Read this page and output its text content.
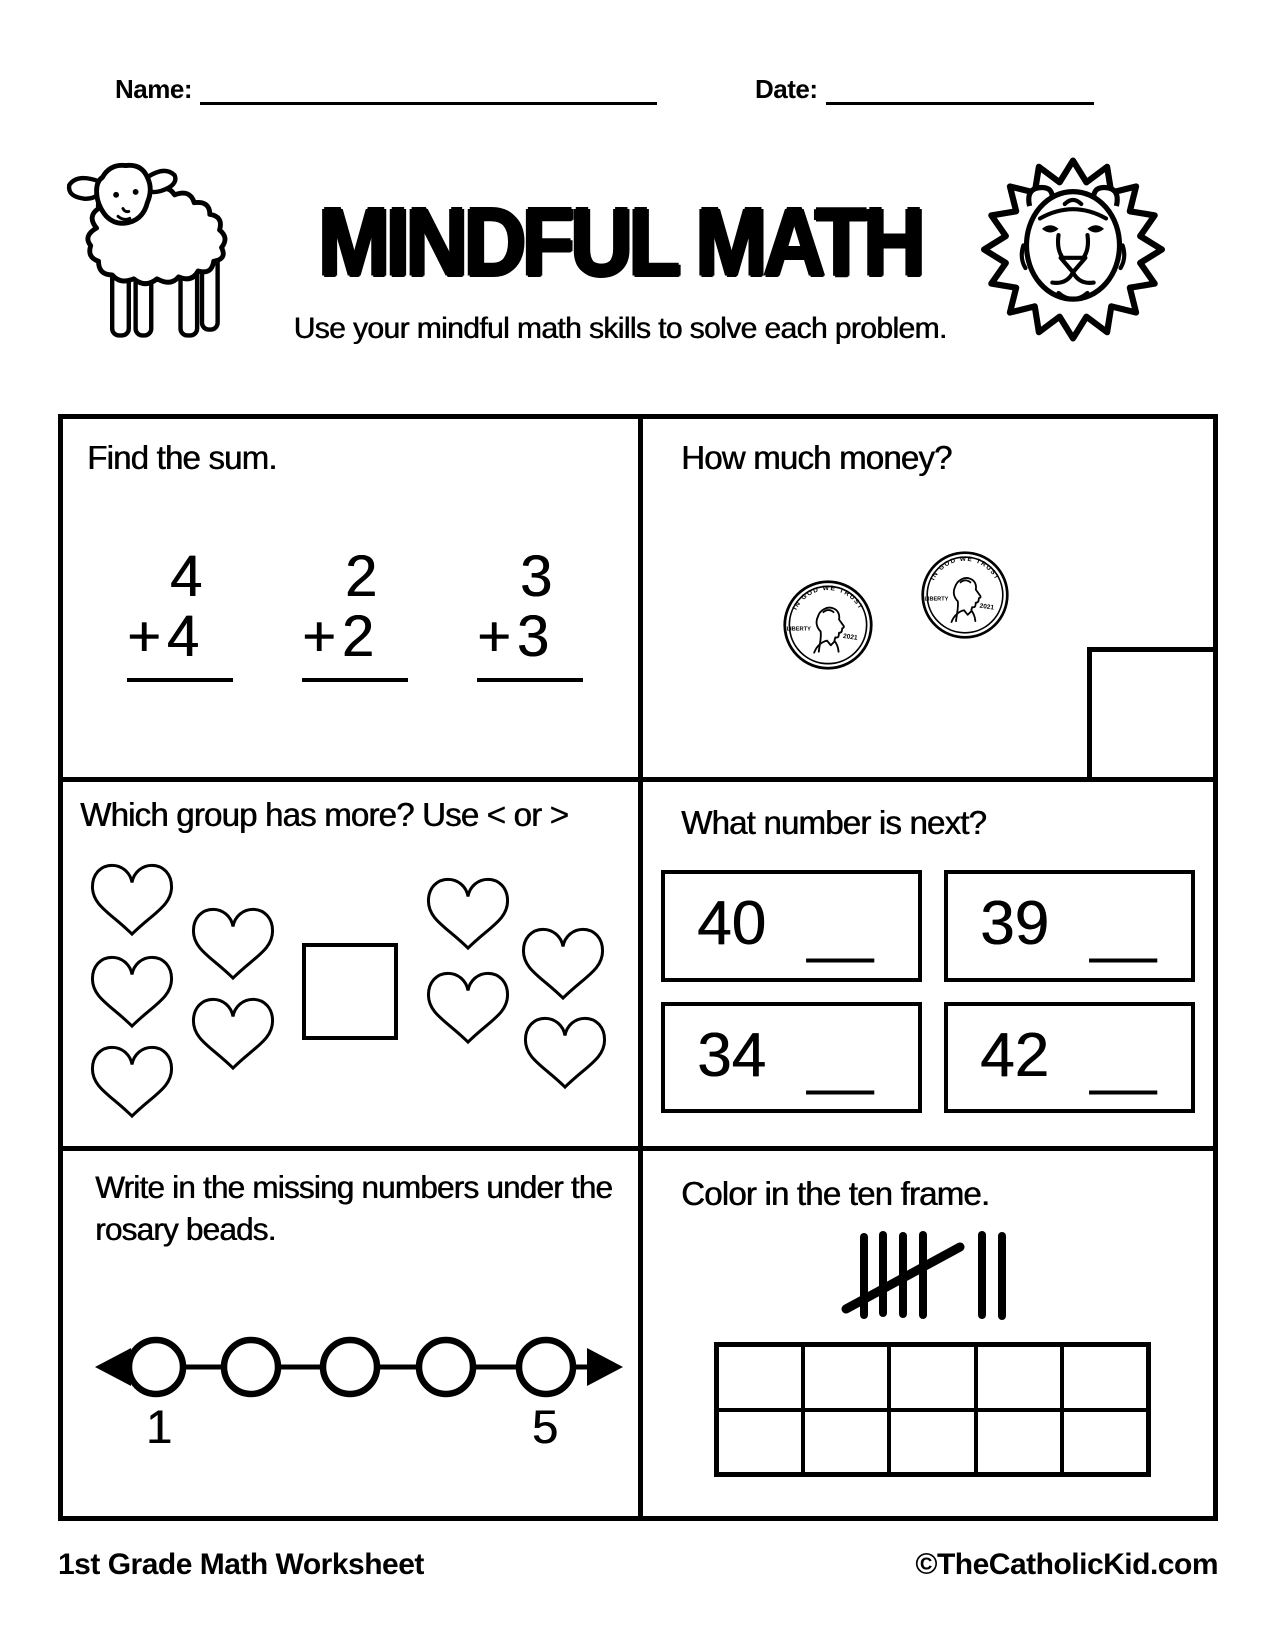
Name:	Date:
MINDFUL MATH
Use your mindful math skills to solve each problem.
Find the sum.
4
+ 4
2
+ 2
3
+ 3
How much money?
IN GOD WE TRUST
LIBERTY
2021
IN GOD WE TRUST
LIBERTY
2021
Which group has more? Use < or >	What number is next?
40 __ 39 __
34 __ 42 __
Write in the missing numbers under the
rosary beads.
1	5
Color in the ten frame.
1st Grade Math Worksheet	©TheCatholicKid.com
